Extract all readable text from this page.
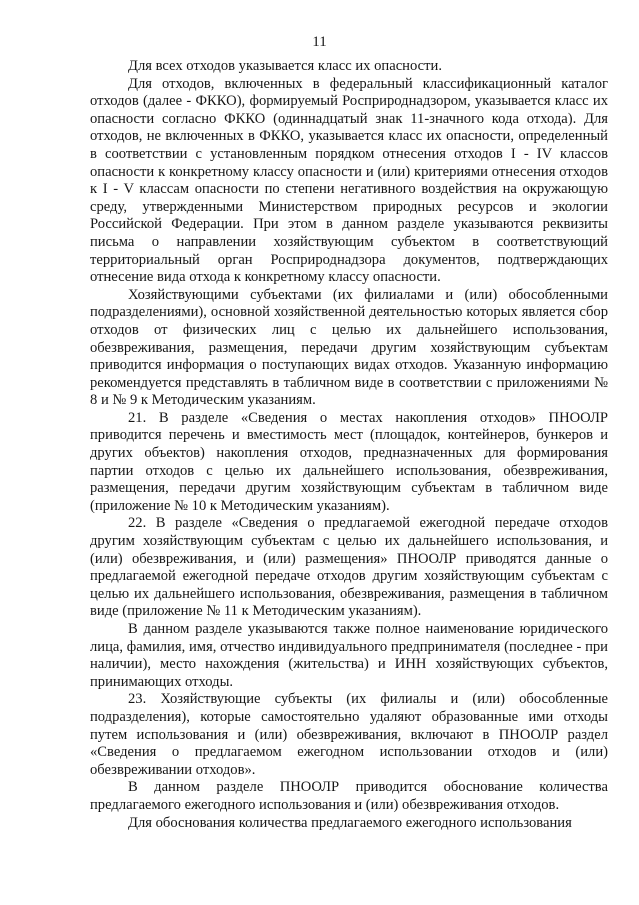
11

Для всех отходов указывается класс их опасности.

Для отходов, включенных в федеральный классификационный каталог отходов (далее - ФККО), формируемый Росприроднадзором, указывается класс их опасности согласно ФККО (одиннадцатый знак 11-значного кода отхода). Для отходов, не включенных в ФККО, указывается класс их опасности, определенный в соответствии с установленным порядком отнесения отходов I - IV классов опасности к конкретному классу опасности и (или) критериями отнесения отходов к I - V классам опасности по степени негативного воздействия на окружающую среду, утвержденными Министерством природных ресурсов и экологии Российской Федерации. При этом в данном разделе указываются реквизиты письма о направлении хозяйствующим субъектом в соответствующий территориальный орган Росприроднадзора документов, подтверждающих отнесение вида отхода к конкретному классу опасности.

Хозяйствующими субъектами (их филиалами и (или) обособленными подразделениями), основной хозяйственной деятельностью которых является сбор отходов от физических лиц с целью их дальнейшего использования, обезвреживания, размещения, передачи другим хозяйствующим субъектам приводится информация о поступающих видах отходов. Указанную информацию рекомендуется представлять в табличном виде в соответствии с приложениями № 8 и № 9 к Методическим указаниям.

21. В разделе «Сведения о местах накопления отходов» ПНООЛР приводится перечень и вместимость мест (площадок, контейнеров, бункеров и других объектов) накопления отходов, предназначенных для формирования партии отходов с целью их дальнейшего использования, обезвреживания, размещения, передачи другим хозяйствующим субъектам в табличном виде (приложение № 10 к Методическим указаниям).

22. В разделе «Сведения о предлагаемой ежегодной передаче отходов другим хозяйствующим субъектам с целью их дальнейшего использования, и (или) обезвреживания, и (или) размещения» ПНООЛР приводятся данные о предлагаемой ежегодной передаче отходов другим хозяйствующим субъектам с целью их дальнейшего использования, обезвреживания, размещения в табличном виде (приложение № 11 к Методическим указаниям).

В данном разделе указываются также полное наименование юридического лица, фамилия, имя, отчество индивидуального предпринимателя (последнее - при наличии), место нахождения (жительства) и ИНН хозяйствующих субъектов, принимающих отходы.

23. Хозяйствующие субъекты (их филиалы и (или) обособленные подразделения), которые самостоятельно удаляют образованные ими отходы путем использования и (или) обезвреживания, включают в ПНООЛР раздел «Сведения о предлагаемом ежегодном использовании отходов и (или) обезвреживании отходов».

В данном разделе ПНООЛР приводится обоснование количества предлагаемого ежегодного использования и (или) обезвреживания отходов.

Для обоснования количества предлагаемого ежегодного использования
